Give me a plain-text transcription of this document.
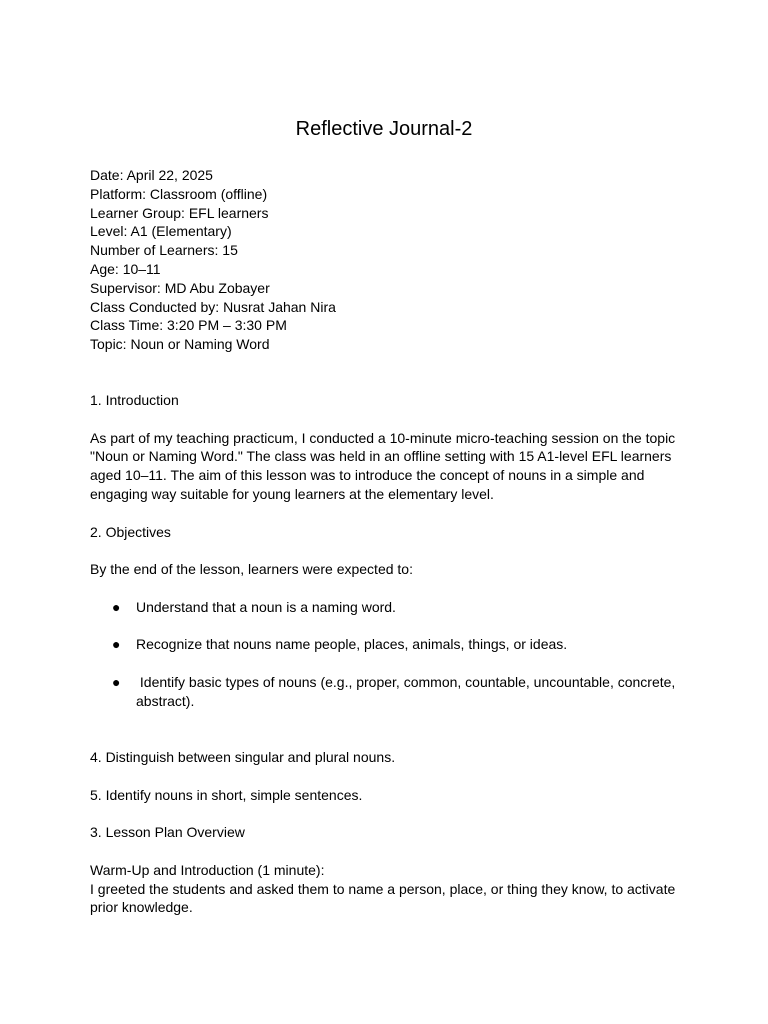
Reflective Journal-2

Date: April 22, 2025

Platform: Classroom (offline)

Learner Group: EFL learners

Level: A1 (Elementary)

Number of Learners: 15

Age: 10–11

Supervisor: MD Abu Zobayer

Class Conducted by: Nusrat Jahan Nira

Class Time: 3:20 PM – 3:30 PM

Topic: Noun or Naming Word

1. Introduction

As part of my teaching practicum, I conducted a 10-minute micro-teaching session on the topic "Noun or Naming Word." The class was held in an offline setting with 15 A1-level EFL learners aged 10–11. The aim of this lesson was to introduce the concept of nouns in a simple and engaging way suitable for young learners at the elementary level.

2. Objectives

By the end of the lesson, learners were expected to:

●	Understand that a noun is a naming word.
●	Recognize that nouns name people, places, animals, things, or ideas.
●	Identify basic types of nouns (e.g., proper, common, countable, uncountable, concrete, abstract).

4. Distinguish between singular and plural nouns.

5. Identify nouns in short, simple sentences.

3. Lesson Plan Overview

Warm-Up and Introduction (1 minute):

I greeted the students and asked them to name a person, place, or thing they know, to activate prior knowledge.
